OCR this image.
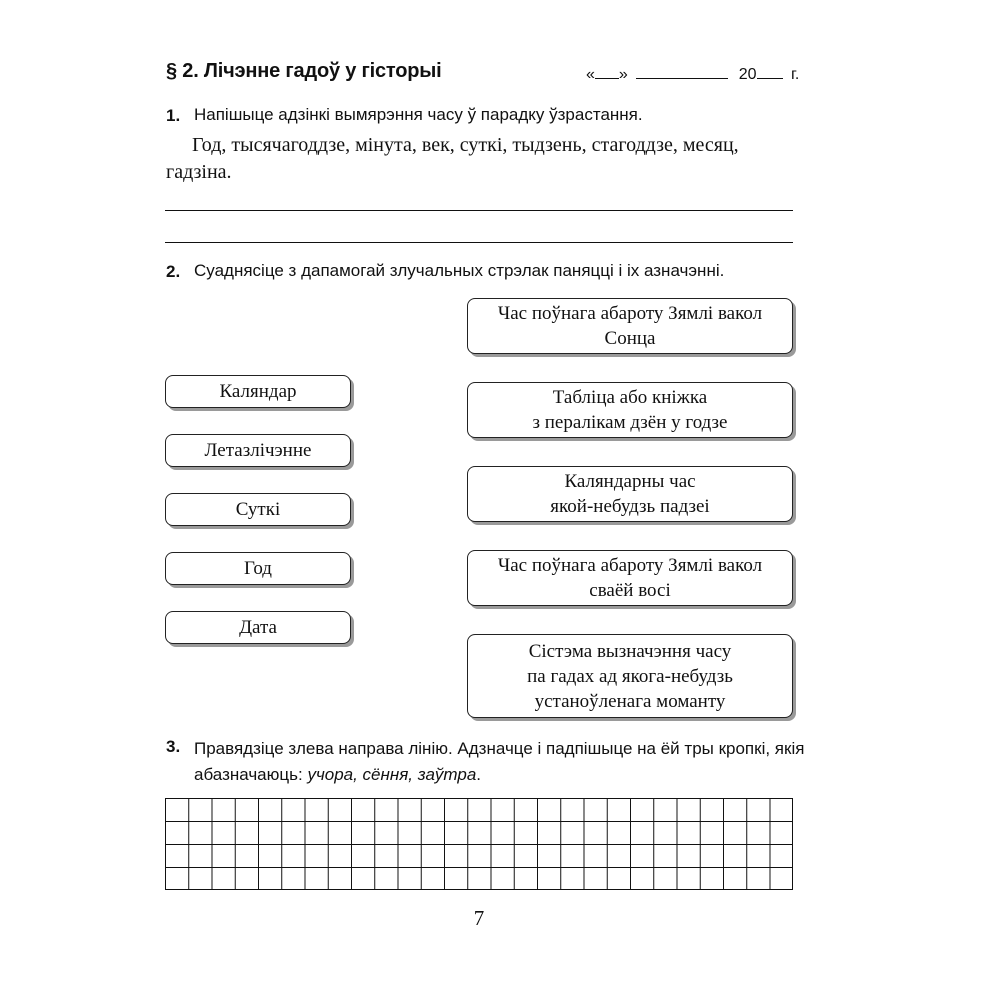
§ 2. Лічэнне гадоў у гісторыі	« »	20 г.
1. Напішыце адзінкі вымярэння часу ў парадку ўзрастання.
Год, тысячагоддзе, мінута, век, суткі, тыдзень, стагоддзе, месяц, гадзіна.
2. Суаднясіце з дапамогай злучальных стрэлак паняцці і іх азначэнні.
Каляндар
Летазлічэнне
Суткі
Год
Дата
Час поўнага абароту Зямлі вакол
Сонца
Табліца або кніжка
з пералікам дзён у годзе
Каляндарны час
якой-небудзь падзеі
Час поўнага абароту Зямлі вакол
сваёй восі
Сістэма вызначэння часу
па гадах ад якога-небудзь
устаноўленага моманту
3. Правядзіце злева направа лінію. Адзначце і падпішыце на ёй тры кропкі, якія абазначаюць: учора, сёння, заўтра.
7
